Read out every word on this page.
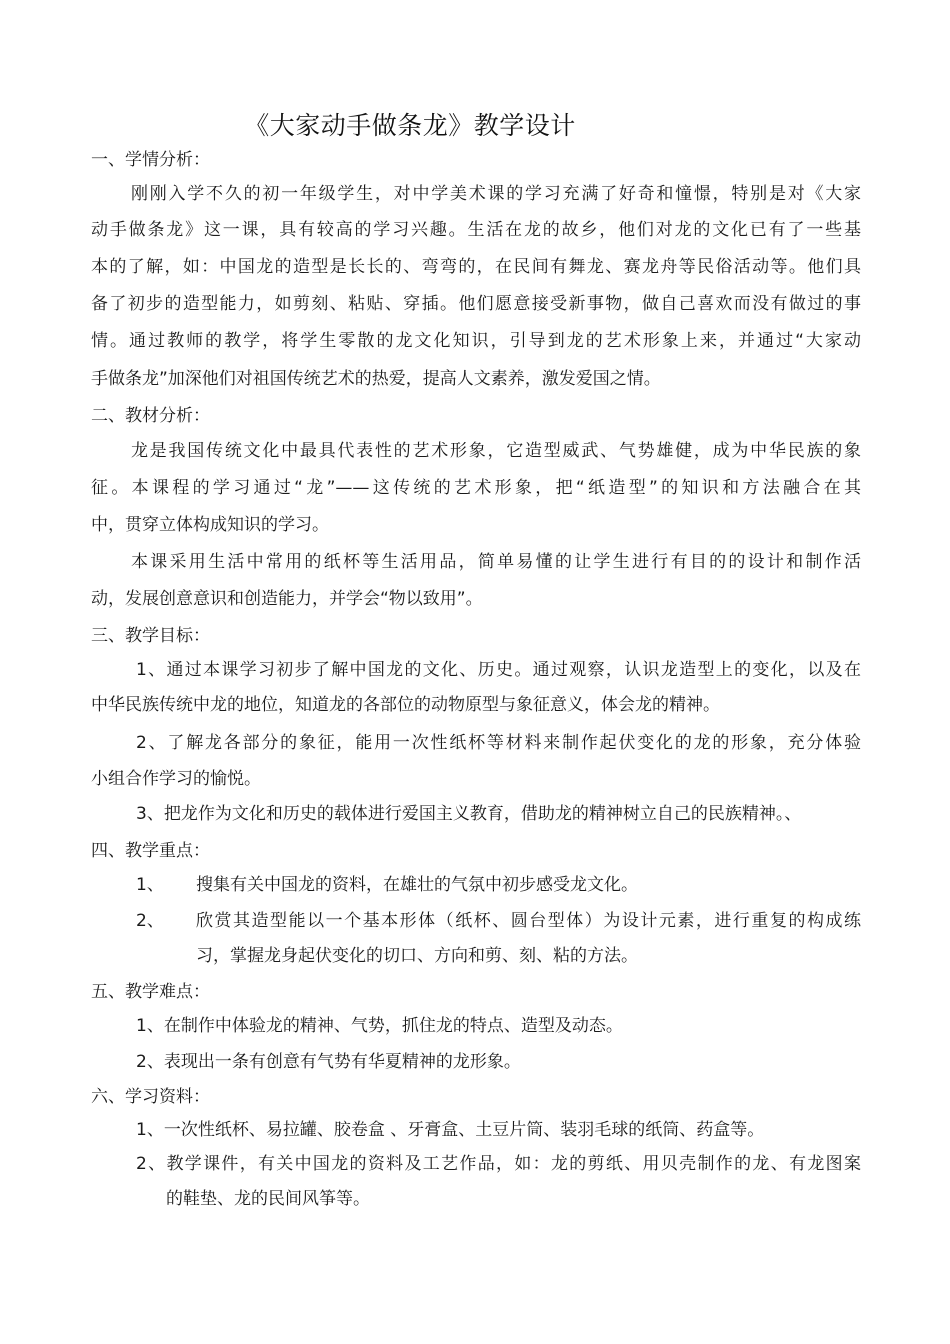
《大家动手做条龙》教学设计
一、学情分析：
刚刚入学不久的初一年级学生，对中学美术课的学习充满了好奇和憧憬，特别是对《大家
动手做条龙》这一课，具有较高的学习兴趣。生活在龙的故乡，他们对龙的文化已有了一些基
本的了解，如：中国龙的造型是长长的、弯弯的，在民间有舞龙、赛龙舟等民俗活动等。他们具
备了初步的造型能力，如剪刻、粘贴、穿插。他们愿意接受新事物，做自己喜欢而没有做过的事
情。通过教师的教学，将学生零散的龙文化知识，引导到龙的艺术形象上来，并通过“大家动
手做条龙”加深他们对祖国传统艺术的热爱，提高人文素养，激发爱国之情。
二、教材分析：
龙是我国传统文化中最具代表性的艺术形象，它造型威武、气势雄健，成为中华民族的象
征。本课程的学习通过“龙”——这传统的艺术形象，把“纸造型”的知识和方法融合在其
中，贯穿立体构成知识的学习。
本课采用生活中常用的纸杯等生活用品，简单易懂的让学生进行有目的的设计和制作活
动，发展创意意识和创造能力，并学会“物以致用”。
三、教学目标：
1、通过本课学习初步了解中国龙的文化、历史。通过观察，认识龙造型上的变化，以及在
中华民族传统中龙的地位，知道龙的各部位的动物原型与象征意义，体会龙的精神。
2、了解龙各部分的象征，能用一次性纸杯等材料来制作起伏变化的龙的形象，充分体验
小组合作学习的愉悦。
3、把龙作为文化和历史的载体进行爱国主义教育，借助龙的精神树立自己的民族精神。、
四、教学重点：
1、 搜集有关中国龙的资料，在雄壮的气氛中初步感受龙文化。
2、 欣赏其造型能以一个基本形体（纸杯、圆台型体）为设计元素，进行重复的构成练
习，掌握龙身起伏变化的切口、方向和剪、刻、粘的方法。
五、教学难点：
1、在制作中体验龙的精神、气势，抓住龙的特点、造型及动态。
2、表现出一条有创意有气势有华夏精神的龙形象。
六、学习资料：
1、一次性纸杯、易拉罐、胶卷盒 、牙膏盒、土豆片筒、装羽毛球的纸筒、药盒等。
2、教学课件，有关中国龙的资料及工艺作品，如：龙的剪纸、用贝壳制作的龙、有龙图案
的鞋垫、龙的民间风筝等。
